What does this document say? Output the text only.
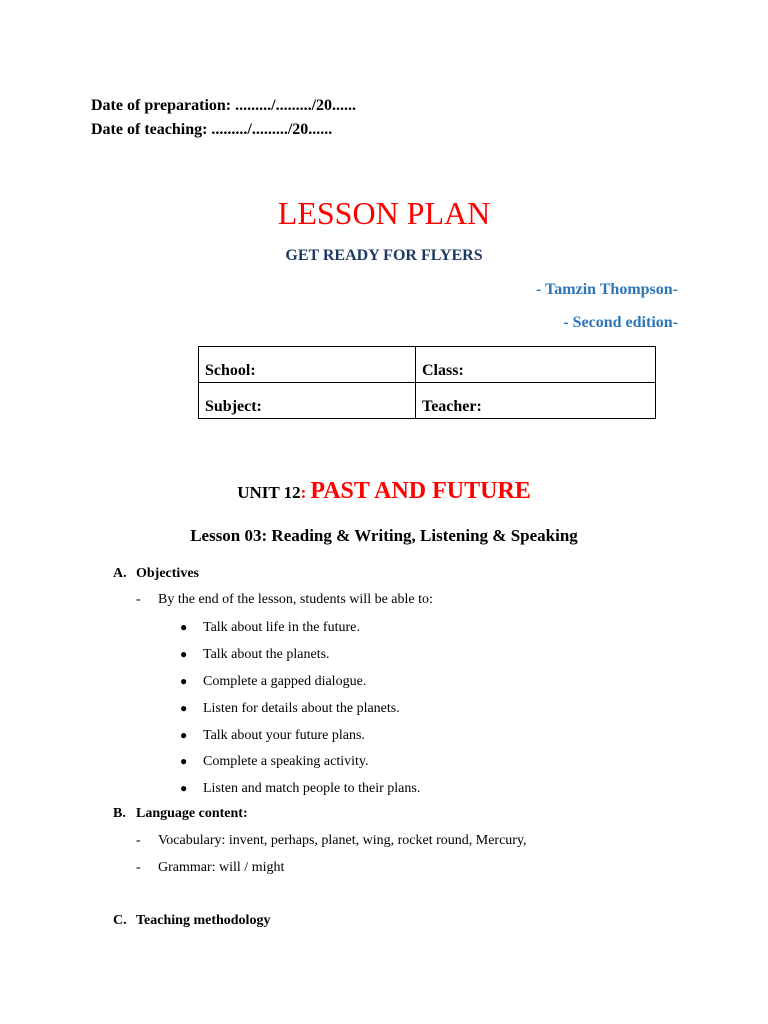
Date of preparation: ........./........./20......
Date of teaching: ........./........./20......
LESSON PLAN
GET READY FOR FLYERS
- Tamzin Thompson-
- Second edition-
School:	Class:
Subject:	Teacher:
UNIT 12: PAST AND FUTURE
Lesson 03: Reading & Writing, Listening & Speaking
A. Objectives
- By the end of the lesson, students will be able to:
● Talk about life in the future.
● Talk about the planets.
● Complete a gapped dialogue.
● Listen for details about the planets.
● Talk about your future plans.
● Complete a speaking activity.
● Listen and match people to their plans.
B. Language content:
- Vocabulary: invent, perhaps, planet, wing, rocket round, Mercury,
- Grammar: will / might
C. Teaching methodology
